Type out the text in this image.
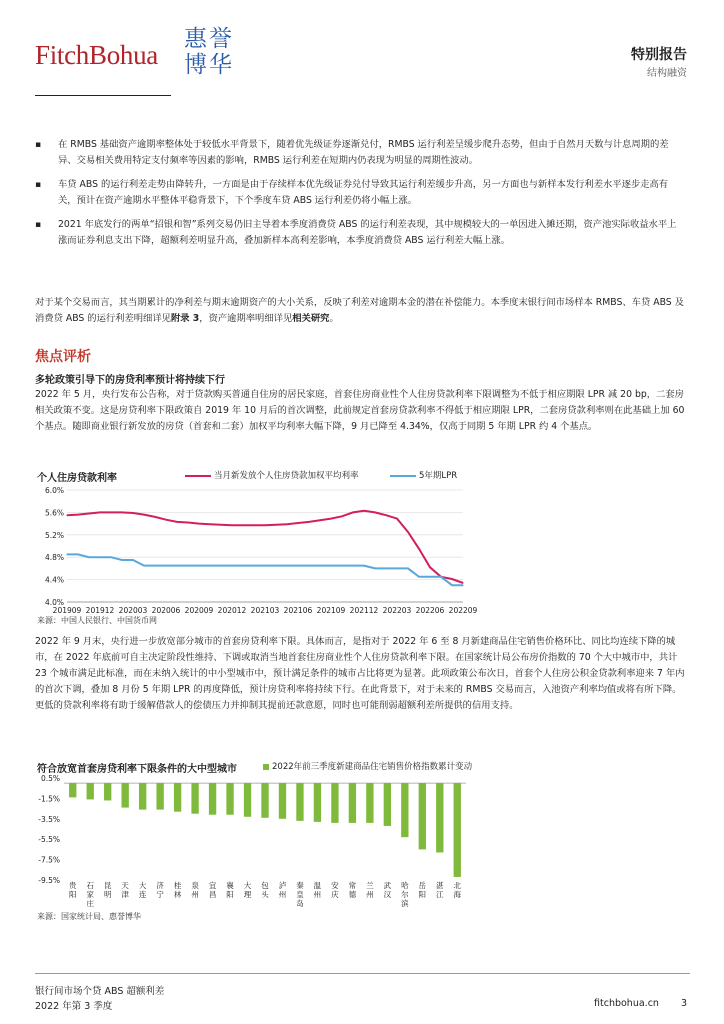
FitchBohua
惠誉博华	特别报告
结构融资
▪ 在 RMBS 基础资产逾期率整体处于较低水平背景下，随着优先级证券逐渐兑付，RMBS 运行利差呈缓步爬升态势，但由于自然月天数与计息周期的差异、交易相关费用特定支付频率等因素的影响，RMBS 运行利差在短期内仍表现为明显的周期性波动。
▪ 车贷 ABS 的运行利差走势由降转升，一方面是由于存续样本优先级证券兑付导致其运行利差缓步升高，另一方面也与新样本发行利差水平逐步走高有关，预计在资产逾期水平整体平稳背景下，下个季度车贷 ABS 运行利差仍将小幅上涨。
▪ 2021 年底发行的两单“招银和智”系列交易仍旧主导着本季度消费贷 ABS 的运行利差表现，其中规模较大的一单因进入摊还期，资产池实际收益水平上涨而证券利息支出下降，超额利差明显升高，叠加新样本高利差影响，本季度消费贷 ABS 运行利差大幅上涨。
对于某个交易而言，其当期累计的净利差与期末逾期资产的大小关系，反映了利差对逾期本金的潜在补偿能力。本季度末银行间市场样本 RMBS、车贷 ABS 及消费贷 ABS 的运行利差明细详见附录 3，资产逾期率明细详见相关研究。
焦点评析
多轮政策引导下的房贷利率预计将持续下行
2022 年 5 月，央行发布公告称，对于贷款购买普通自住房的居民家庭，首套住房商业性个人住房贷款利率下限调整为不低于相应期限 LPR 减 20 bp，二套房相关政策不变。这是房贷利率下限政策自 2019 年 10 月后的首次调整，此前规定首套房贷款利率不得低于相应期限 LPR，二套房贷款利率则在此基础上加 60 个基点。随即商业银行新发放的房贷（首套和二套）加权平均利率大幅下降，9 月已降至 4.34%，仅高于同期 5 年期 LPR 约 4 个基点。
个人住房贷款利率	当月新发放个人住房贷款加权平均利率	5年期LPR
6.0%
5.6%
5.2%
4.8%
4.4%
4.0%
201909 201912 202003 202006 202009 202012 202103 202106 202109 202112 202203 202206 202209
来源：中国人民银行、中国货币网
2022 年 9 月末，央行进一步放宽部分城市的首套房贷利率下限。具体而言，是指对于 2022 年 6 至 8 月新建商品住宅销售价格环比、同比均连续下降的城市，在 2022 年底前可自主决定阶段性维持、下调或取消当地首套住房商业性个人住房贷款利率下限。在国家统计局公布房价指数的 70 个大中城市中，共计 23 个城市满足此标准，而在未纳入统计的中小型城市中，预计满足条件的城市占比将更为显著。此项政策公布次日，首套个人住房公积金贷款利率迎来 7 年内的首次下调，叠加 8 月份 5 年期 LPR 的再度降低，预计房贷利率将持续下行。在此背景下，对于未来的 RMBS 交易而言，入池资产利率均值或将有所下降。更低的贷款利率将有助于缓解借款人的偿债压力并抑制其提前还款意愿，同时也可能削弱超额利差所提供的信用支持。
符合放宽首套房贷利率下限条件的大中型城市	2022年前三季度新建商品住宅销售价格指数累计变动
0.5%
-1.5%
-3.5%
-5.5%
-7.5%
-9.5%
贵阳
石家庄
昆明
天津
大连
济宁
桂林
泉州
宜昌
襄阳
大理
包头
泸州
秦皇岛
温州
安庆
常德
兰州
武汉
哈尔滨
岳阳
湛江
北海
来源：国家统计局、惠誉博华
银行间市场个贷 ABS 超额利差
2022 年第 3 季度	fitchbohua.cn 3
